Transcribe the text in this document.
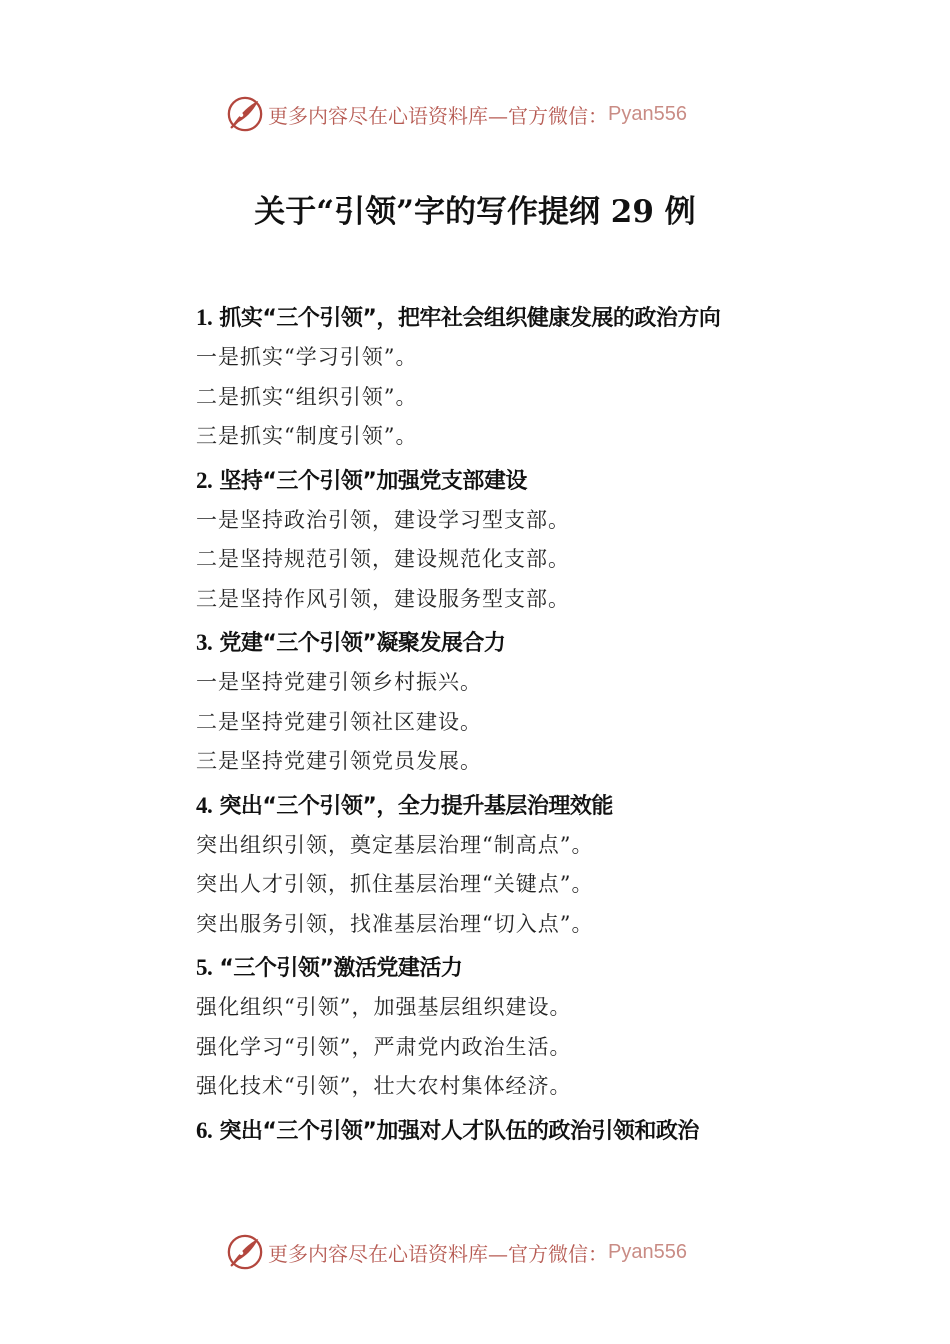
更多内容尽在心语资料库—官方微信： Pyan556
关于“引领”字的写作提纲 29 例
1. 抓实“三个引领”，把牢社会组织健康发展的政治方向
一是抓实“学习引领”。
二是抓实“组织引领”。
三是抓实“制度引领”。
2. 坚持“三个引领”加强党支部建设
一是坚持政治引领，建设学习型支部。
二是坚持规范引领，建设规范化支部。
三是坚持作风引领，建设服务型支部。
3. 党建“三个引领”凝聚发展合力
一是坚持党建引领乡村振兴。
二是坚持党建引领社区建设。
三是坚持党建引领党员发展。
4. 突出“三个引领”，全力提升基层治理效能
突出组织引领，奠定基层治理“制高点”。
突出人才引领，抓住基层治理“关键点”。
突出服务引领，找准基层治理“切入点”。
5. “三个引领”激活党建活力
强化组织“引领”，加强基层组织建设。
强化学习“引领”，严肃党内政治生活。
强化技术“引领”，壮大农村集体经济。
6. 突出“三个引领”加强对人才队伍的政治引领和政治
更多内容尽在心语资料库—官方微信： Pyan556
